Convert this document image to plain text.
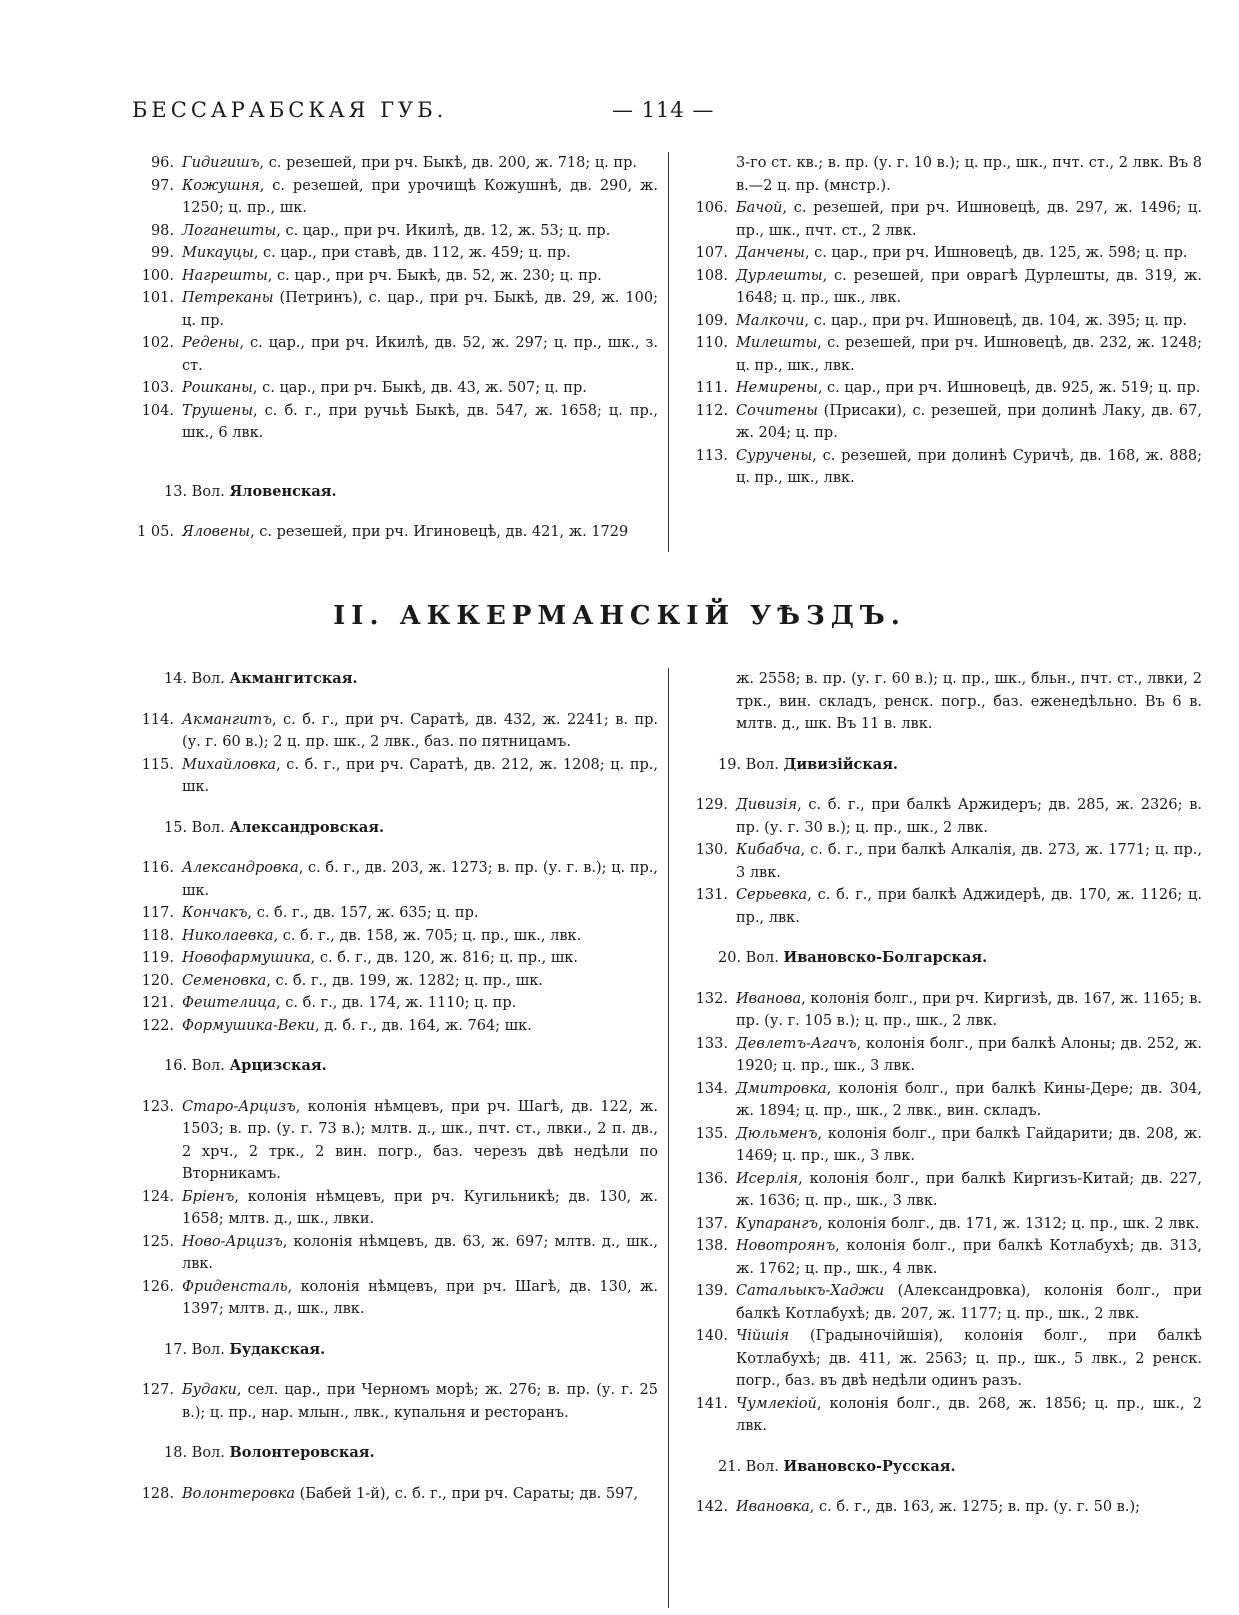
БЕССАРАБСКАЯ ГУБ.	— 114 —
96. Гидигишъ, с. резешей, при рч. Быкѣ, дв. 200, ж. 718; ц. пр.
97. Кожушня, с. резешей, при урочищѣ Кожушнѣ, дв. 290, ж. 1250; ц. пр., шк.
98. Логанешты, с. цар., при рч. Икилѣ, дв. 12, ж. 53; ц. пр.
99. Микауцы, с. цар., при ставѣ, дв. 112, ж. 459; ц. пр.
100. Нагрешты, с. цар., при рч. Быкѣ, дв. 52, ж. 230; ц. пр.
101. Петреканы (Петринъ), с. цар., при рч. Быкѣ, дв. 29, ж. 100; ц. пр.
102. Редены, с. цар., при рч. Икилѣ, дв. 52, ж. 297; ц. пр., шк., з. ст.
103. Рошканы, с. цар., при рч. Быкѣ, дв. 43, ж. 507; ц. пр.
104. Трушены, с. б. г., при ручьѣ Быкѣ, дв. 547, ж. 1658; ц. пр., шк., 6 лвк.
13. Вол. Яловенская.
1 05. Яловены, с. резешей, при рч. Игиновецѣ, дв. 421, ж. 1729
3-го ст. кв.; в. пр. (у. г. 10 в.); ц. пр., шк., пчт. ст., 2 лвк. Въ 8 в.—2 ц. пр. (мнстр.).
106. Бачой, с. резешей, при рч. Ишновецѣ, дв. 297, ж. 1496; ц. пр., шк., пчт. ст., 2 лвк.
107. Данчены, с. цар., при рч. Ишновецѣ, дв. 125, ж. 598; ц. пр.
108. Дурлешты, с. резешей, при оврагѣ Дурлешты, дв. 319, ж. 1648; ц. пр., шк., лвк.
109. Малкочи, с. цар., при рч. Ишновецѣ, дв. 104, ж. 395; ц. пр.
110. Милешты, с. резешей, при рч. Ишновецѣ, дв. 232, ж. 1248; ц. пр., шк., лвк.
111. Немирены, с. цар., при рч. Ишновецѣ, дв. 925, ж. 519; ц. пр.
112. Сочитены (Присаки), с. резешей, при долинѣ Лаку, дв. 67, ж. 204; ц. пр.
113. Суручены, с. резешей, при долинѣ Суричѣ, дв. 168, ж. 888; ц. пр., шк., лвк.
II. АККЕРМАНСКІЙ УѢЗДЪ.
14. Вол. Акмангитская.
114. Акмангитъ, с. б. г., при рч. Саратѣ, дв. 432, ж. 2241; в. пр. (у. г. 60 в.); 2 ц. пр. шк., 2 лвк., баз. по пятницамъ.
115. Михайловка, с. б. г., при рч. Саратѣ, дв. 212, ж. 1208; ц. пр., шк.
15. Вол. Александровская.
116. Александровка, с. б. г., дв. 203, ж. 1273; в. пр. (у. г. в.); ц. пр., шк.
117. Кончакъ, с. б. г., дв. 157, ж. 635; ц. пр.
118. Николаевка, с. б. г., дв. 158, ж. 705; ц. пр., шк., лвк.
119. Новофармушика, с. б. г., дв. 120, ж. 816; ц. пр., шк.
120. Семеновка, с. б. г., дв. 199, ж. 1282; ц. пр., шк.
121. Фештелица, с. б. г., дв. 174, ж. 1110; ц. пр.
122. Формушика-Веки, д. б. г., дв. 164, ж. 764; шк.
16. Вол. Арцизская.
123. Старо-Арцизъ, колонія нѣмцевъ, при рч. Шагѣ, дв. 122, ж. 1503; в. пр. (у. г. 73 в.); млтв. д., шк., пчт. ст., лвки., 2 п. дв., 2 хрч., 2 трк., 2 вин. погр., баз. черезъ двѣ недѣли по Вторникамъ.
124. Бріенъ, колонія нѣмцевъ, при рч. Кугильникѣ; дв. 130, ж. 1658; млтв. д., шк., лвки.
125. Ново-Арцизъ, колонія нѣмцевъ, дв. 63, ж. 697; млтв. д., шк., лвк.
126. Фриденсталь, колонія нѣмцевъ, при рч. Шагѣ, дв. 130, ж. 1397; млтв. д., шк., лвк.
17. Вол. Будакская.
127. Будаки, сел. цар., при Черномъ морѣ; ж. 276; в. пр. (у. г. 25 в.); ц. пр., нар. млын., лвк., купальня и ресторанъ.
18. Вол. Волонтеровская.
128. Волонтеровка (Бабей 1-й), с. б. г., при рч. Сараты; дв. 597,
ж. 2558; в. пр. (у. г. 60 в.); ц. пр., шк., бльн., пчт. ст., лвки, 2 трк., вин. складъ, ренск. погр., баз. еженедѣльно. Въ 6 в. млтв. д., шк. Въ 11 в. лвк.
19. Вол. Дивизійская.
129. Дивизія, с. б. г., при балкѣ Аржидеръ; дв. 285, ж. 2326; в. пр. (у. г. 30 в.); ц. пр., шк., 2 лвк.
130. Кибабча, с. б. г., при балкѣ Алкалія, дв. 273, ж. 1771; ц. пр., 3 лвк.
131. Серьевка, с. б. г., при балкѣ Аджидерѣ, дв. 170, ж. 1126; ц. пр., лвк.
20. Вол. Ивановско-Болгарская.
132. Иванова, колонія болг., при рч. Киргизѣ, дв. 167, ж. 1165; в. пр. (у. г. 105 в.); ц. пр., шк., 2 лвк.
133. Девлетъ-Агачъ, колонія болг., при балкѣ Алоны; дв. 252, ж. 1920; ц. пр., шк., 3 лвк.
134. Дмитровка, колонія болг., при балкѣ Кины-Дере; дв. 304, ж. 1894; ц. пр., шк., 2 лвк., вин. складъ.
135. Дюльменъ, колонія болг., при балкѣ Гайдарити; дв. 208, ж. 1469; ц. пр., шк., 3 лвк.
136. Исерлія, колонія болг., при балкѣ Киргизъ-Китай; дв. 227, ж. 1636; ц. пр., шк., 3 лвк.
137. Купарангъ, колонія болг., дв. 171, ж. 1312; ц. пр., шк. 2 лвк.
138. Новотроянъ, колонія болг., при балкѣ Котлабухѣ; дв. 313, ж. 1762; ц. пр., шк., 4 лвк.
139. Сатальыкъ-Хаджи (Александровка), колонія болг., при балкѣ Котлабухѣ; дв. 207, ж. 1177; ц. пр., шк., 2 лвк.
140. Чійшія (Градыночійшія), колонія болг., при балкѣ Котлабухѣ; дв. 411, ж. 2563; ц. пр., шк., 5 лвк., 2 ренск. погр., баз. въ двѣ недѣли одинъ разъ.
141. Чумлекіой, колонія болг., дв. 268, ж. 1856; ц. пр., шк., 2 лвк.
21. Вол. Ивановско-Русская.
142. Ивановка, с. б. г., дв. 163, ж. 1275; в. пр. (у. г. 50 в.);
